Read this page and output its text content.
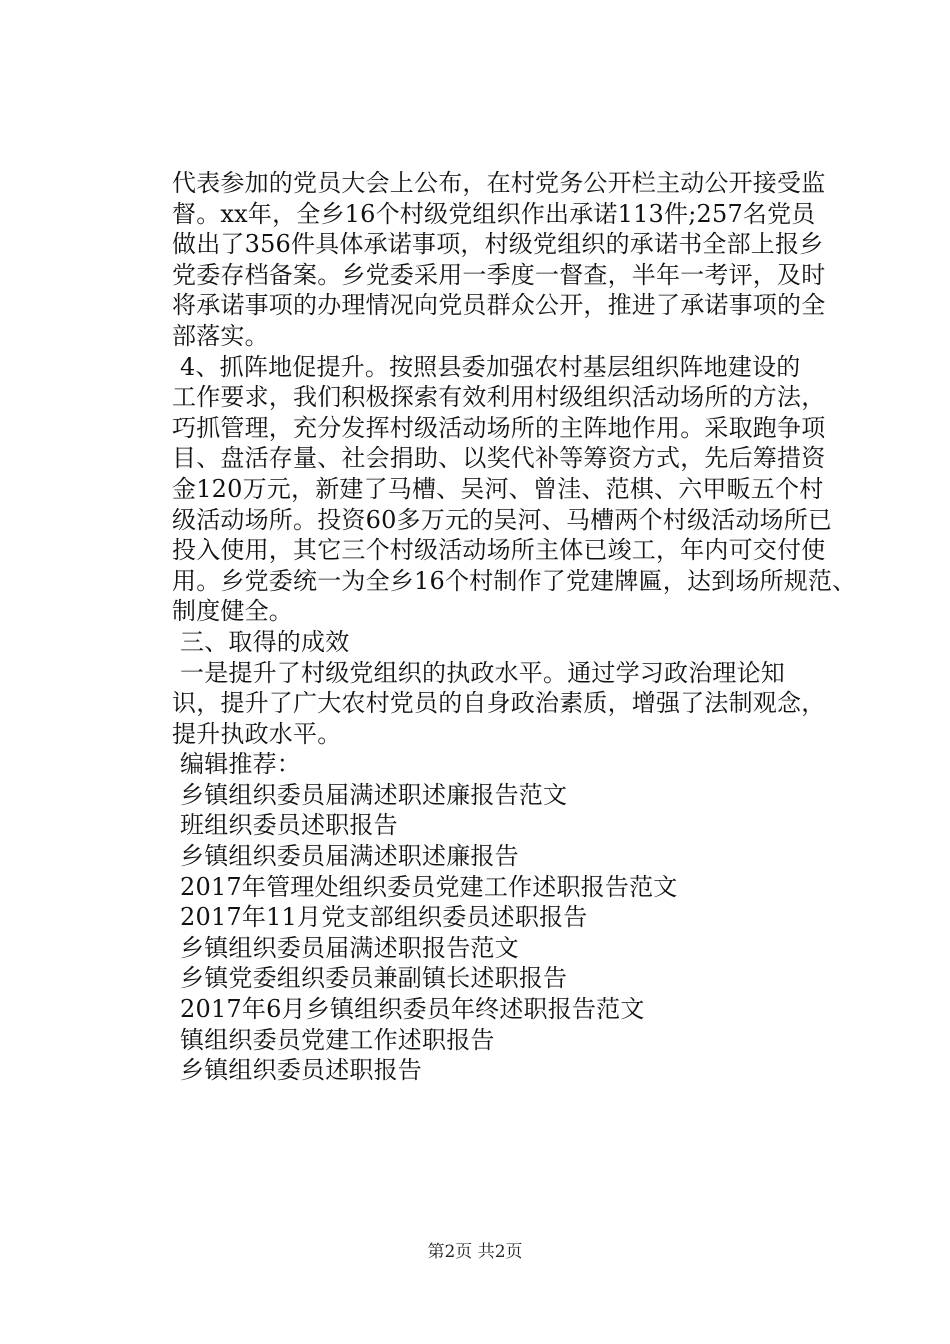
代表参加的党员大会上公布，在村党务公开栏主动公开接受监
督。xx年，全乡16个村级党组织作出承诺113件;257名党员
做出了356件具体承诺事项，村级党组织的承诺书全部上报乡
党委存档备案。乡党委采用一季度一督查，半年一考评，及时
将承诺事项的办理情况向党员群众公开，推进了承诺事项的全
部落实。
4、抓阵地促提升。按照县委加强农村基层组织阵地建设的
工作要求，我们积极探索有效利用村级组织活动场所的方法，
巧抓管理，充分发挥村级活动场所的主阵地作用。采取跑争项
目、盘活存量、社会捐助、以奖代补等筹资方式，先后筹措资
金120万元，新建了马槽、吴河、曾洼、范棋、六甲畈五个村
级活动场所。投资60多万元的吴河、马槽两个村级活动场所已
投入使用，其它三个村级活动场所主体已竣工，年内可交付使
用。乡党委统一为全乡16个村制作了党建牌匾，达到场所规范、
制度健全。
三、取得的成效
一是提升了村级党组织的执政水平。通过学习政治理论知
识，提升了广大农村党员的自身政治素质，增强了法制观念，
提升执政水平。
编辑推荐：
乡镇组织委员届满述职述廉报告范文
班组织委员述职报告
乡镇组织委员届满述职述廉报告
2017年管理处组织委员党建工作述职报告范文
2017年11月党支部组织委员述职报告
乡镇组织委员届满述职报告范文
乡镇党委组织委员兼副镇长述职报告
2017年6月乡镇组织委员年终述职报告范文
镇组织委员党建工作述职报告
乡镇组织委员述职报告
第2页 共2页
